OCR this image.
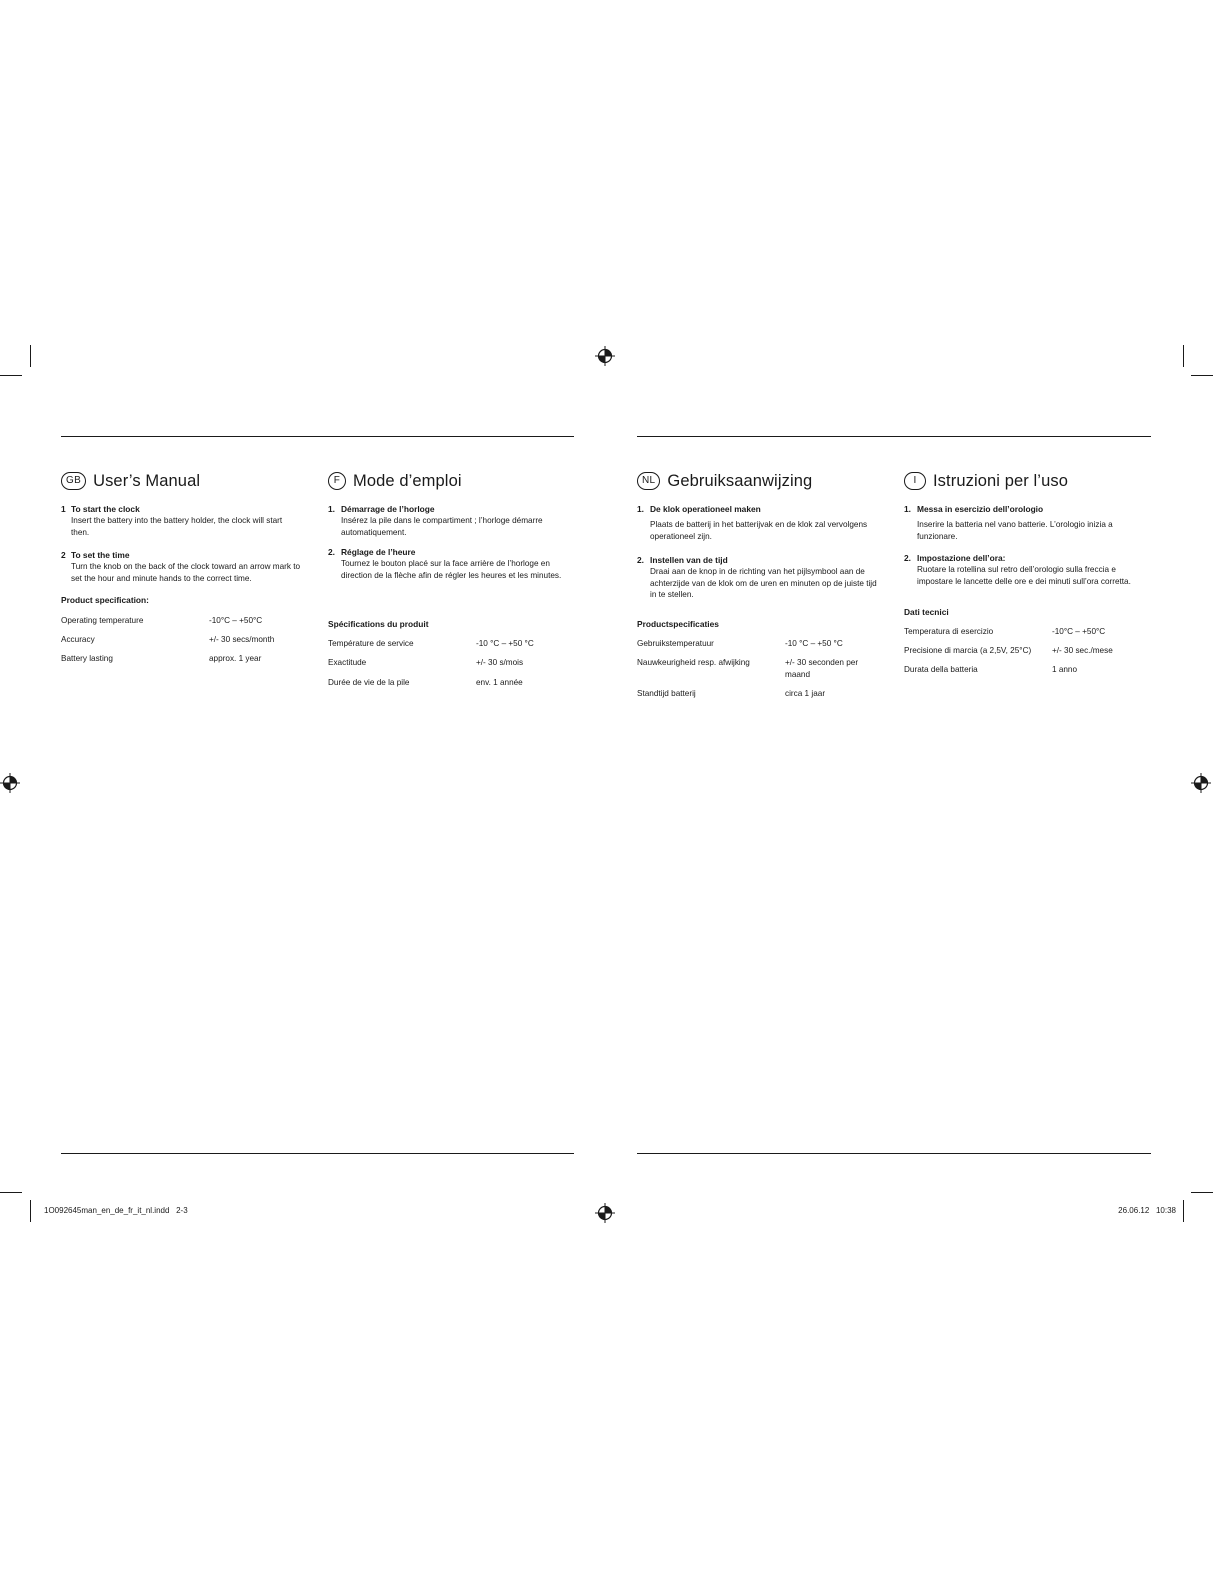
GB User’s Manual
1 To start the clock
Insert the battery into the battery holder, the clock will start then.
2 To set the time
Turn the knob on the back of the clock toward an arrow mark to set the hour and minute hands to the correct time.
Product specification:
Operating temperature	-10°C – +50°C
Accuracy	+/- 30 secs/month
Battery lasting	approx. 1 year
F Mode d’emploi
1. Démarrage de l’horloge
Insérez la pile dans le compartiment ; l’horloge démarre automatiquement.
2. Réglage de l’heure
Tournez le bouton placé sur la face arrière de l’horloge en direction de la flèche afin de régler les heures et les minutes.
Spécifications du produit
Température de service	-10 °C – +50 °C
Exactitude	+/- 30 s/mois
Durée de vie de la pile	env. 1 année
NL Gebruiksaanwijzing
1. De klok operationeel maken
Plaats de batterij in het batterijvak en de klok zal vervolgens operationeel zijn.
2. Instellen van de tijd
Draai aan de knop in de richting van het pijlsymbool aan de achterzijde van de klok om de uren en minuten op de juiste tijd in te stellen.
Productspecificaties
Gebruikstemperatuur	-10 °C – +50 °C
Nauwkeurigheid resp. afwijking	+/- 30 seconden per maand
Standtijd batterij	circa 1 jaar
I Istruzioni per l’uso
1. Messa in esercizio dell’orologio
Inserire la batteria nel vano batterie. L’orologio inizia a funzionare.
2. Impostazione dell’ora:
Ruotare la rotellina sul retro dell’orologio sulla freccia e impostare le lancette delle ore e dei minuti sull’ora corretta.
Dati tecnici
Temperatura di esercizio	-10°C – +50°C
Precisione di marcia (a 2,5V, 25°C)	+/- 30 sec./mese
Durata della batteria	1 anno
1O092645man_en_de_fr_it_nl.indd   2-3	26.06.12   10:38
